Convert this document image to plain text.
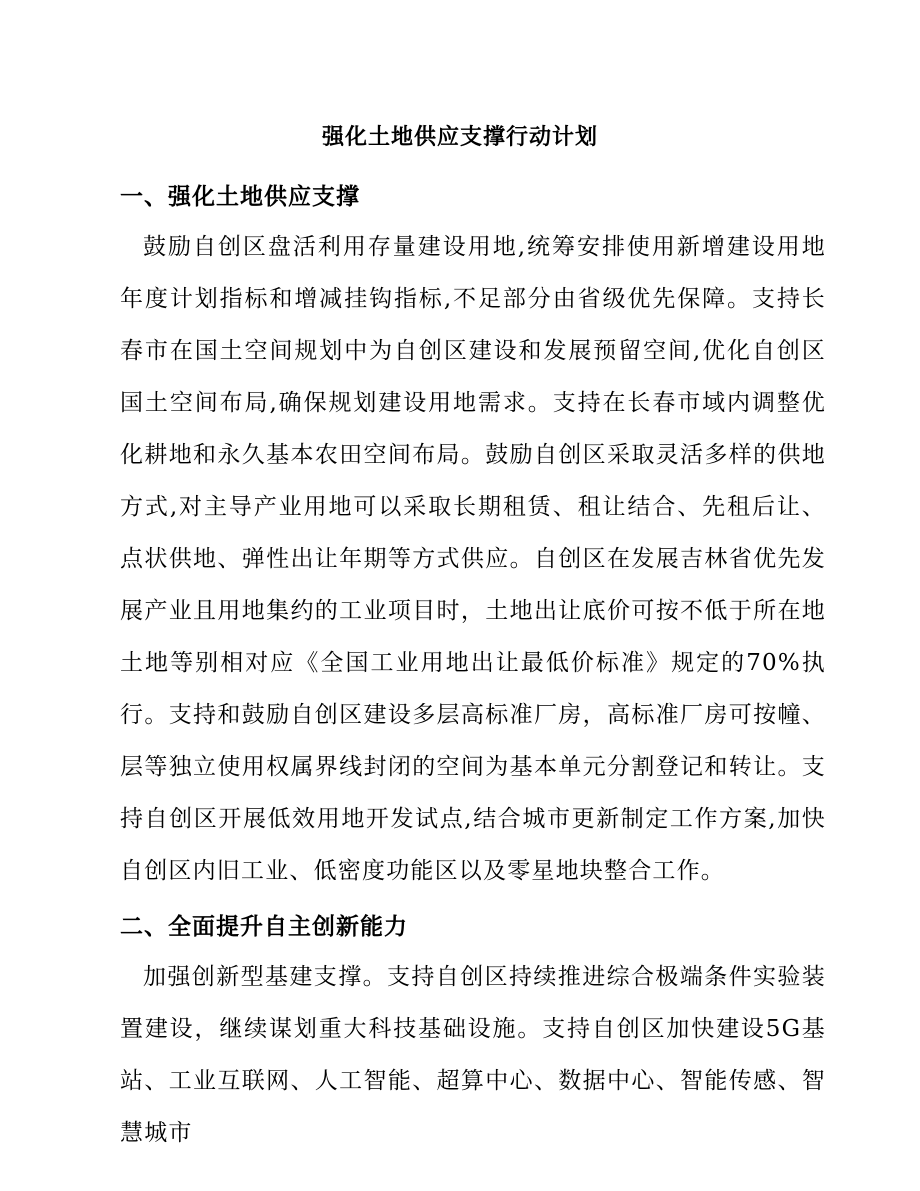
强化土地供应支撑行动计划
一、强化土地供应支撑

鼓励自创区盘活利用存量建设用地,统筹安排使用新增建设用地年度计划指标和增减挂钩指标,不足部分由省级优先保障。支持长春市在国土空间规划中为自创区建设和发展预留空间,优化自创区国土空间布局,确保规划建设用地需求。支持在长春市域内调整优化耕地和永久基本农田空间布局。鼓励自创区采取灵活多样的供地方式,对主导产业用地可以采取长期租赁、租让结合、先租后让、点状供地、弹性出让年期等方式供应。自创区在发展吉林省优先发展产业且用地集约的工业项目时，土地出让底价可按不低于所在地土地等别相对应《全国工业用地出让最低价标准》规定的70%执行。支持和鼓励自创区建设多层高标准厂房，高标准厂房可按幢、层等独立使用权属界线封闭的空间为基本单元分割登记和转让。支持自创区开展低效用地开发试点,结合城市更新制定工作方案,加快自创区内旧工业、低密度功能区以及零星地块整合工作。

二、全面提升自主创新能力

加强创新型基建支撑。支持自创区持续推进综合极端条件实验装置建设，继续谋划重大科技基础设施。支持自创区加快建设5G基站、工业互联网、人工智能、超算中心、数据中心、智能传感、智慧城市
